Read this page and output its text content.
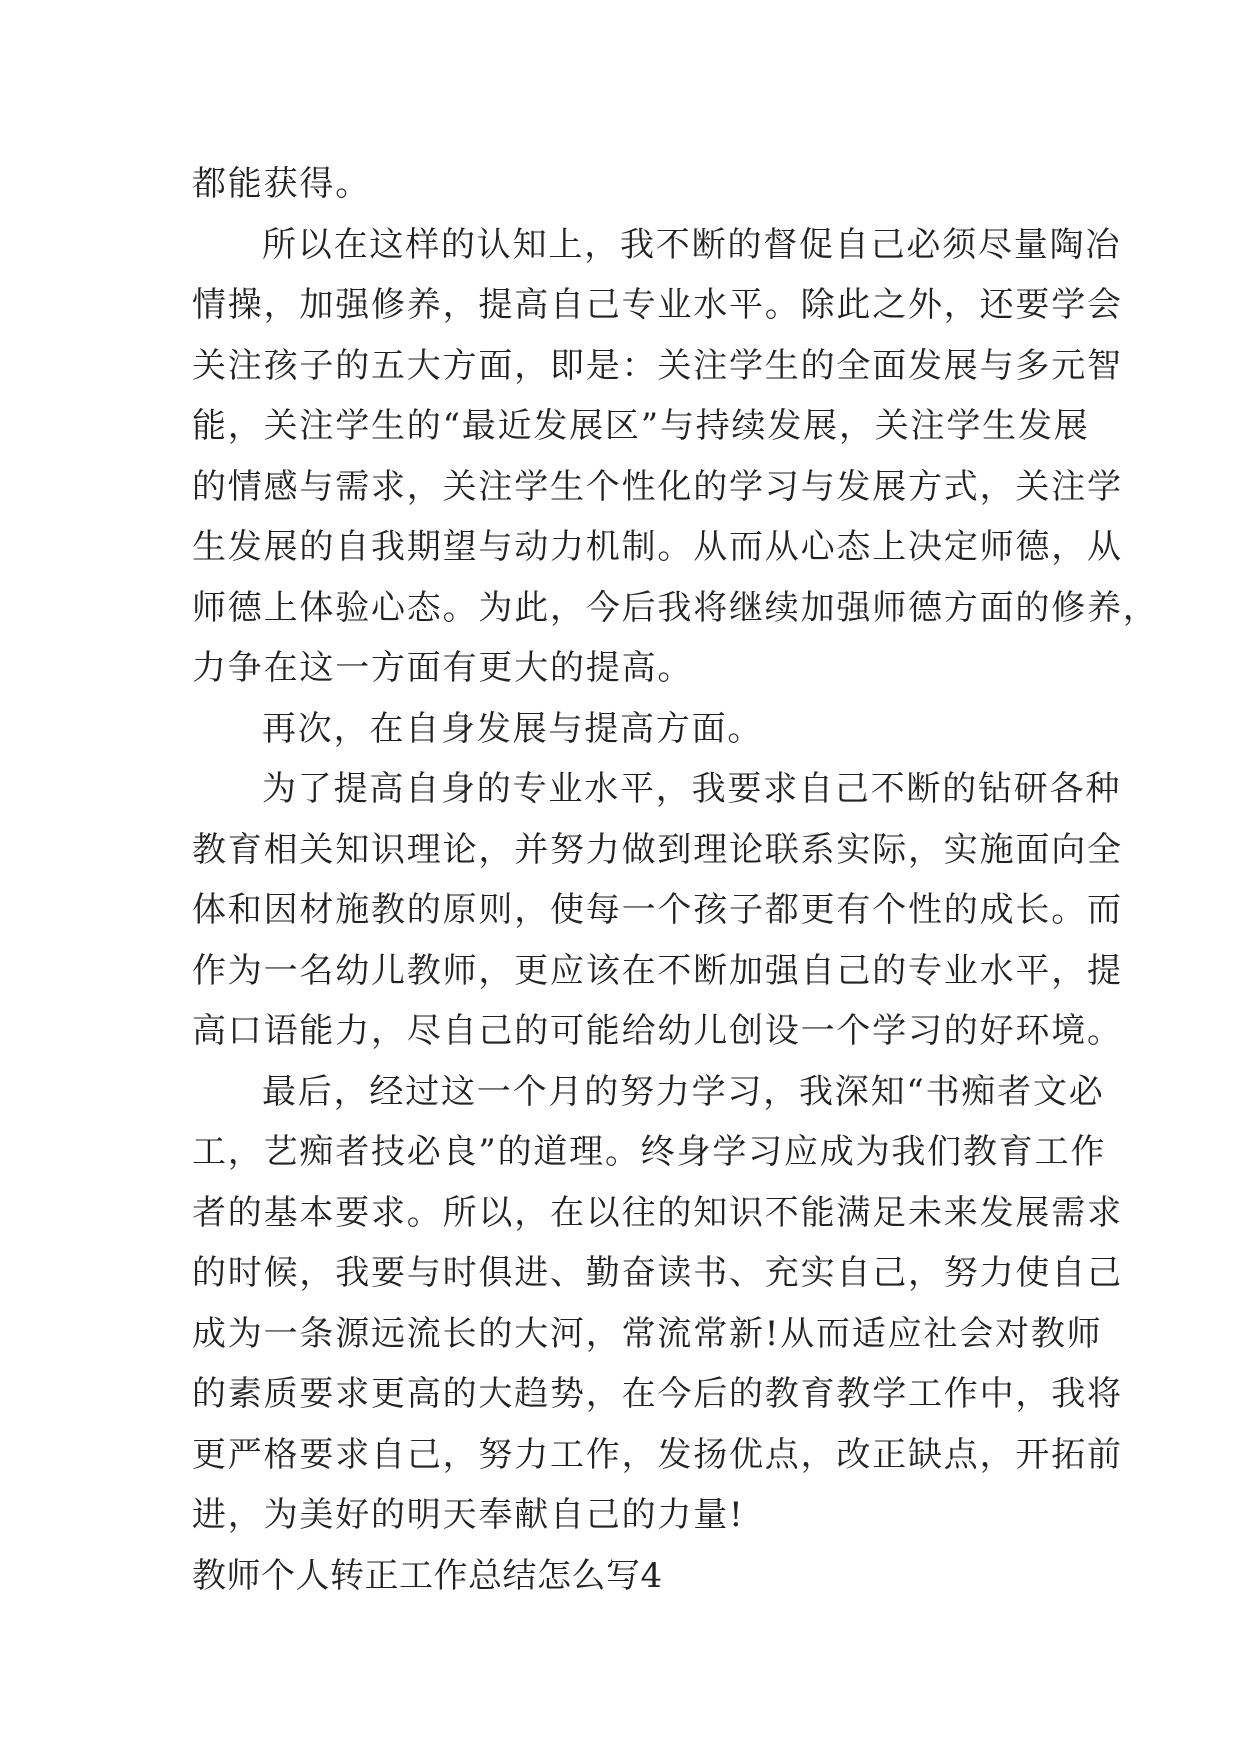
都能获得。
所以在这样的认知上，我不断的督促自己必须尽量陶冶
情操，加强修养，提高自己专业水平。除此之外，还要学会
关注孩子的五大方面，即是：关注学生的全面发展与多元智
能，关注学生的“最近发展区”与持续发展，关注学生发展
的情感与需求，关注学生个性化的学习与发展方式，关注学
生发展的自我期望与动力机制。从而从心态上决定师德，从
师德上体验心态。为此，今后我将继续加强师德方面的修养，
力争在这一方面有更大的提高。
再次，在自身发展与提高方面。
为了提高自身的专业水平，我要求自己不断的钻研各种
教育相关知识理论，并努力做到理论联系实际，实施面向全
体和因材施教的原则，使每一个孩子都更有个性的成长。而
作为一名幼儿教师，更应该在不断加强自己的专业水平，提
高口语能力，尽自己的可能给幼儿创设一个学习的好环境。
最后，经过这一个月的努力学习，我深知“书痴者文必
工，艺痴者技必良”的道理。终身学习应成为我们教育工作
者的基本要求。所以，在以往的知识不能满足未来发展需求
的时候，我要与时俱进、勤奋读书、充实自己，努力使自己
成为一条源远流长的大河，常流常新!从而适应社会对教师
的素质要求更高的大趋势，在今后的教育教学工作中，我将
更严格要求自己，努力工作，发扬优点，改正缺点，开拓前
进，为美好的明天奉献自己的力量!
教师个人转正工作总结怎么写4
